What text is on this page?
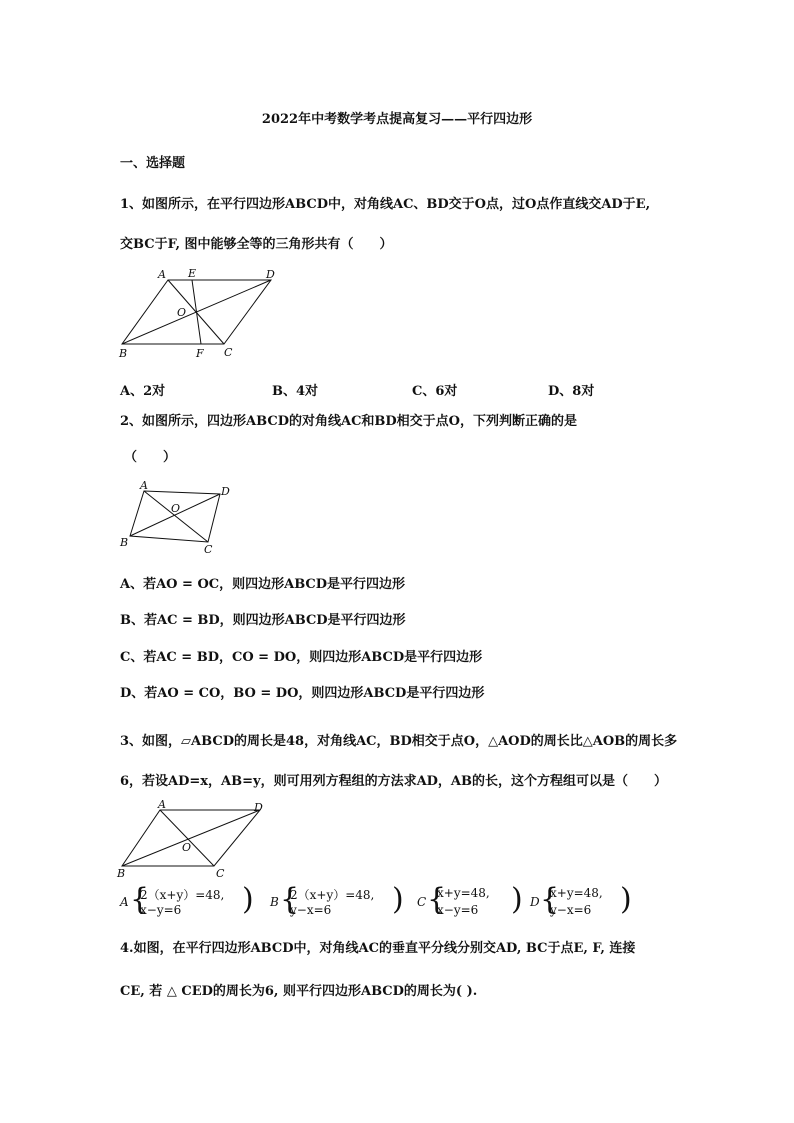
2022年中考数学考点提高复习——平行四边形
一、选择题
1、如图所示，在平行四边形ABCD中，对角线AC、BD交于O点，过O点作直线交AD于E,
交BC于F, 图中能够全等的三角形共有（　　）
A E	D
O
B	F C
A、2对	B、4对	C、6对	D、8对
2、如图所示，四边形ABCD的对角线AC和BD相交于点O，下列判断正确的是
（　　）
A	D
O
B
C
A、若AO = OC，则四边形ABCD是平行四边形
B、若AC = BD，则四边形ABCD是平行四边形
C、若AC = BD，CO = DO，则四边形ABCD是平行四边形
D、若AO = CO，BO = DO，则四边形ABCD是平行四边形
3、如图，▱ABCD的周长是48，对角线AC，BD相交于点O，△AOD的周长比△AOB的周长多
6，若设AD=x，AB=y，则可用列方程组的方法求AD，AB的长，这个方程组可以是（　　）
A	D
O
B	C
A {
2（x+y）=48,
x−y=6 ) B {
2（x+y）=48,
y−x=6 ) C {
x+y=48,
x−y=6 ) D {
x+y=48,
y−x=6 )
4.如图，在平行四边形ABCD中，对角线AC的垂直平分线分别交AD, BC于点E, F, 连接
CE, 若 △ CED的周长为6, 则平行四边形ABCD的周长为( ).
